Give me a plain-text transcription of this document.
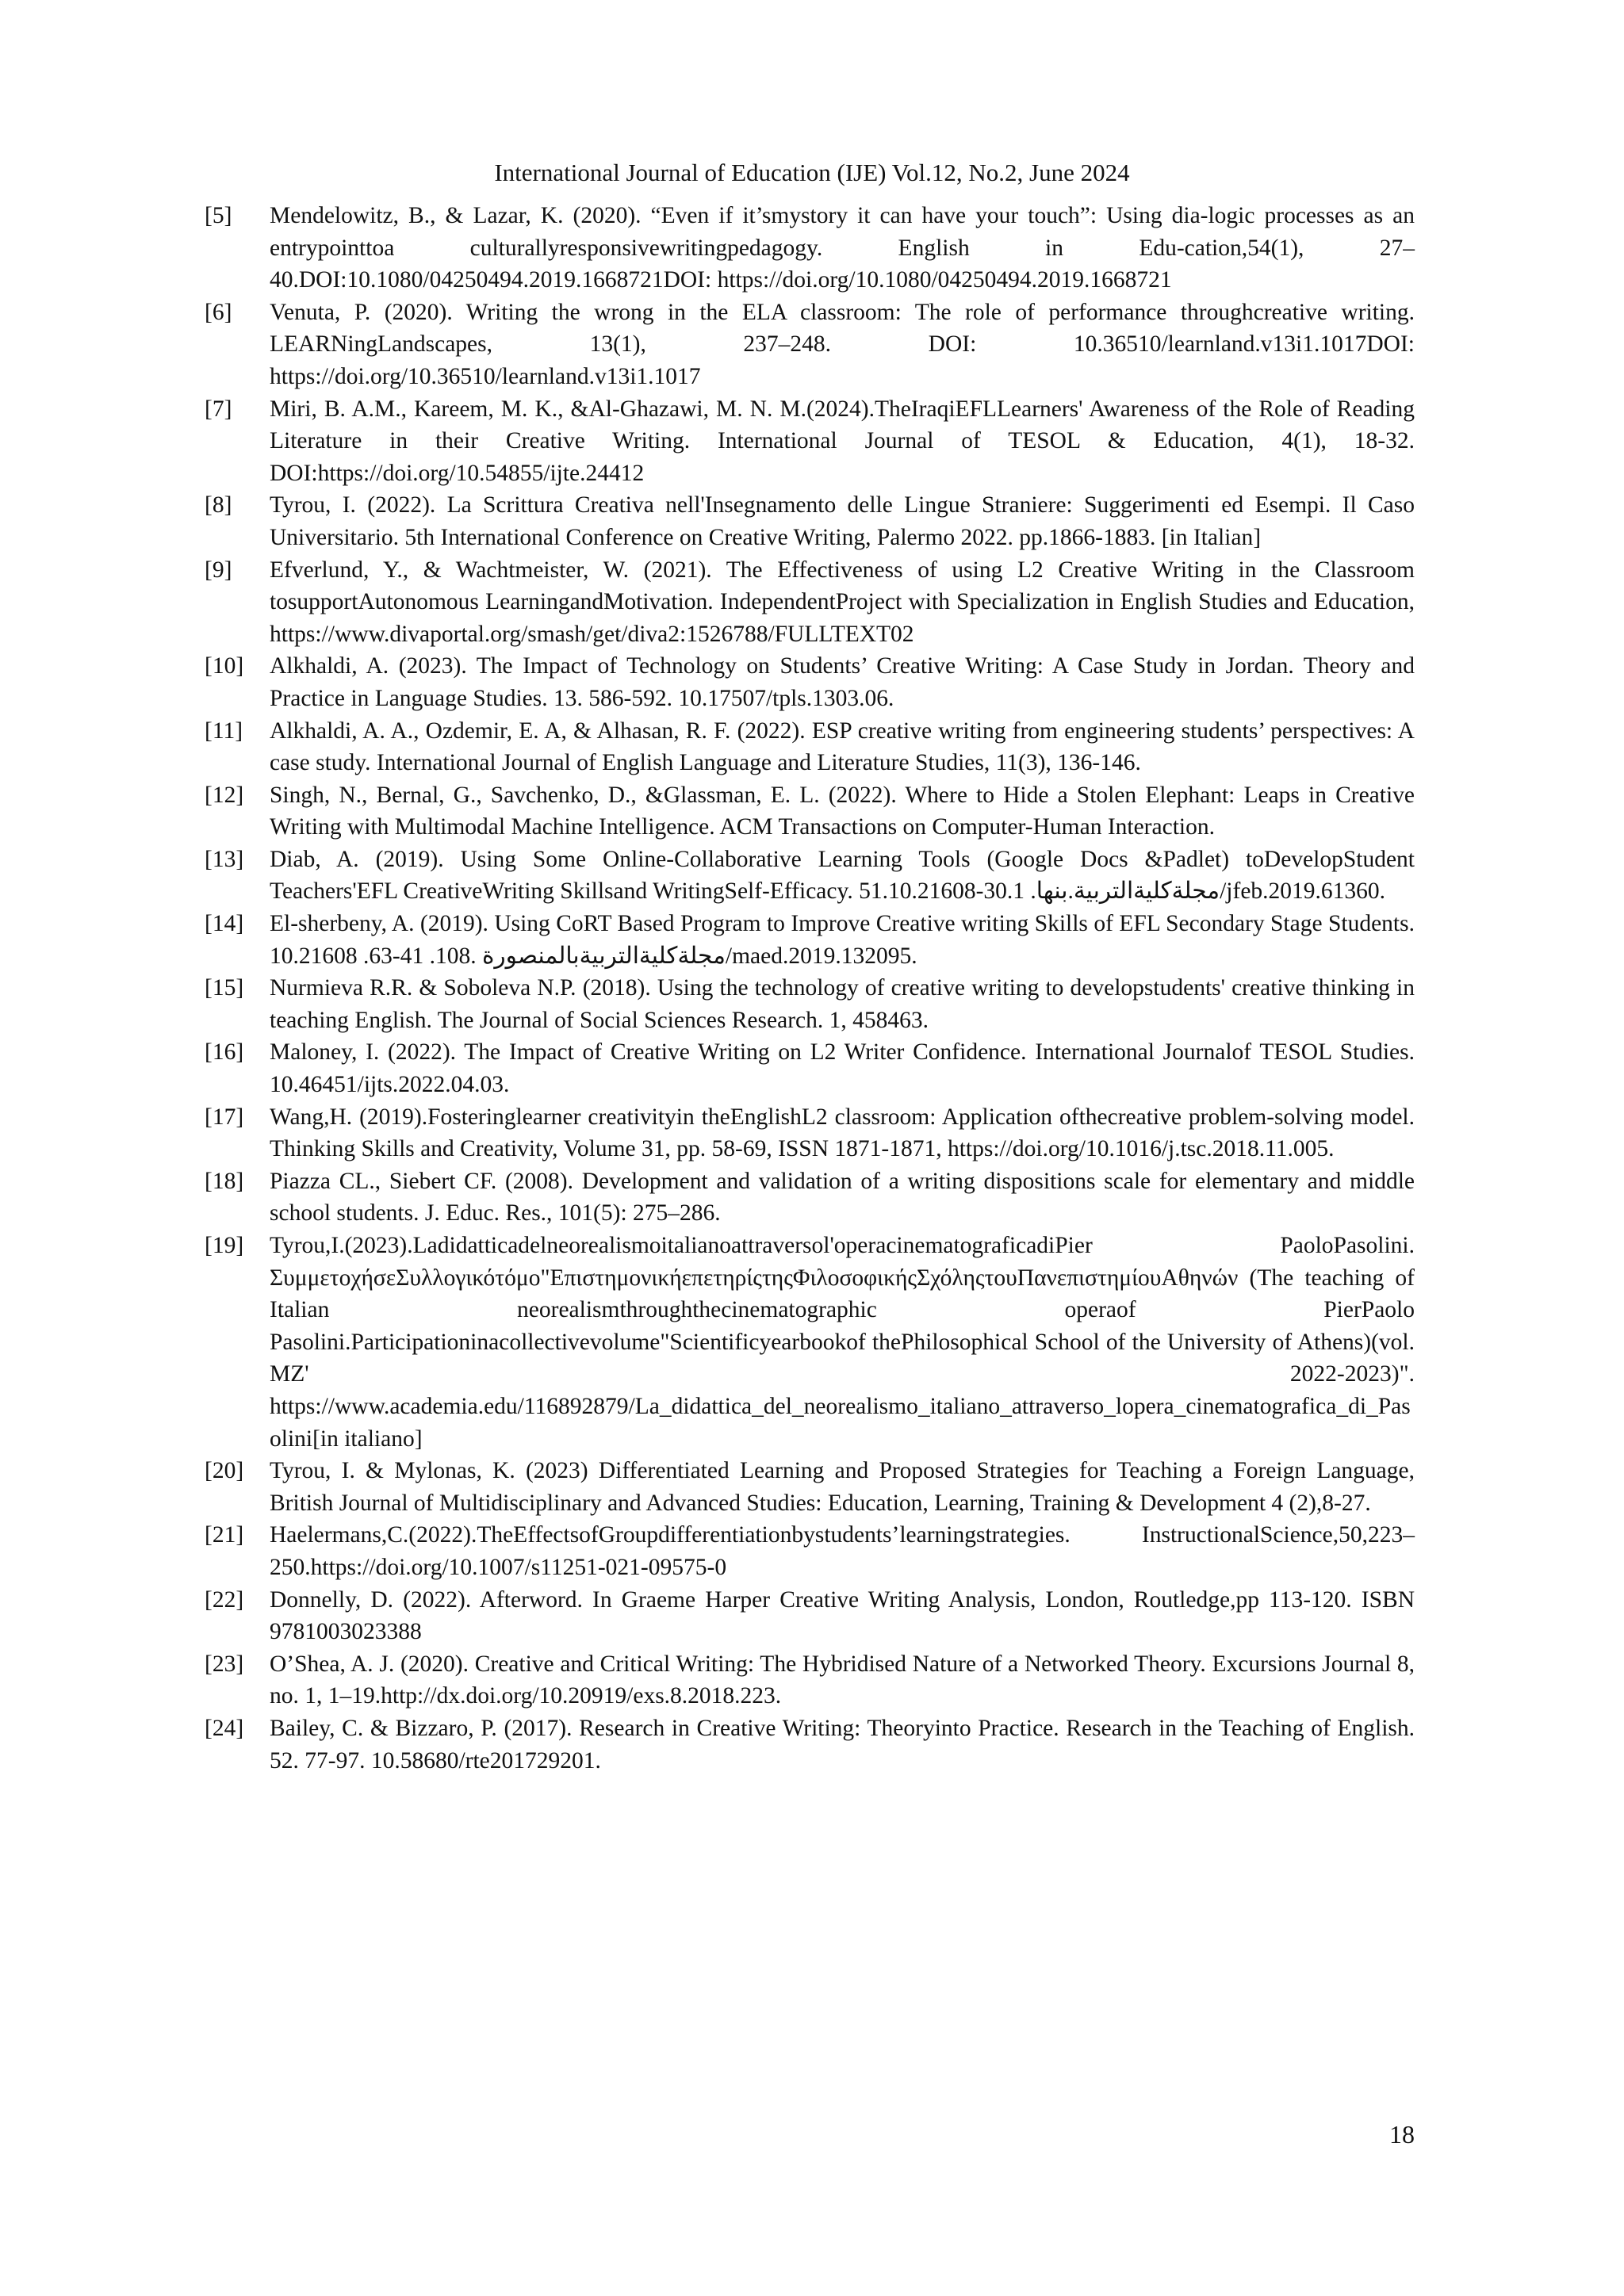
International Journal of Education (IJE) Vol.12, No.2, June 2024
[5] Mendelowitz, B., & Lazar, K. (2020). “Even if it’smystory it can have your touch”: Using dia-logic processes as an entrypointtoa culturallyresponsivewritingpedagogy. English in Edu-cation,54(1), 27–40.DOI:10.1080/04250494.2019.1668721DOI: https://doi.org/10.1080/04250494.2019.1668721
[6] Venuta, P. (2020). Writing the wrong in the ELA classroom: The role of performance throughcreative writing. LEARNingLandscapes, 13(1), 237–248. DOI: 10.36510/learnland.v13i1.1017DOI: https://doi.org/10.36510/learnland.v13i1.1017
[7] Miri, B. A.M., Kareem, M. K., &Al-Ghazawi, M. N. M.(2024).TheIraqiEFLLearners' Awareness of the Role of Reading Literature in their Creative Writing. International Journal of TESOL & Education, 4(1), 18-32. DOI:https://doi.org/10.54855/ijte.24412
[8] Tyrou, I. (2022). La Scrittura Creativa nell'Insegnamento delle Lingue Straniere: Suggerimenti ed Esempi. Il Caso Universitario. 5th International Conference on Creative Writing, Palermo 2022. pp.1866-1883. [in Italian]
[9] Efverlund, Y., & Wachtmeister, W. (2021). The Effectiveness of using L2 Creative Writing in the Classroom tosupportAutonomous LearningandMotivation. IndependentProject with Specialization in English Studies and Education, https://www.divaportal.org/smash/get/diva2:1526788/FULLTEXT02
[10] Alkhaldi, A. (2023). The Impact of Technology on Students’ Creative Writing: A Case Study in Jordan. Theory and Practice in Language Studies. 13. 586-592. 10.17507/tpls.1303.06.
[11] Alkhaldi, A. A., Ozdemir, E. A, & Alhasan, R. F. (2022). ESP creative writing from engineering students’ perspectives: A case study. International Journal of English Language and Literature Studies, 11(3), 136-146.
[12] Singh, N., Bernal, G., Savchenko, D., &Glassman, E. L. (2022). Where to Hide a Stolen Elephant: Leaps in Creative Writing with Multimodal Machine Intelligence. ACM Transactions on Computer-Human Interaction.
[13] Diab, A. (2019). Using Some Online-Collaborative Learning Tools (Google Docs &Padlet) toDevelopStudent Teachers'EFL CreativeWriting Skillsand WritingSelf-Efficacy. مجلةكليةالتربية.بنها. 30.1-51.10.21608/jfeb.2019.61360.
[14] El-sherbeny, A. (2019). Using CoRT Based Program to Improve Creative writing Skills of EFL Secondary Stage Students. 10.21608 .63-41 .108. مجلةكليةالتربيةبالمنصورة/maed.2019.132095.
[15] Nurmieva R.R. & Soboleva N.P. (2018). Using the technology of creative writing to developstudents' creative thinking in teaching English. The Journal of Social Sciences Research. 1, 458463.
[16] Maloney, I. (2022). The Impact of Creative Writing on L2 Writer Confidence. International Journalof TESOL Studies. 10.46451/ijts.2022.04.03.
[17] Wang,H. (2019).Fosteringlearner creativityin theEnglishL2 classroom: Application ofthecreative problem-solving model. Thinking Skills and Creativity, Volume 31, pp. 58-69, ISSN 1871-1871, https://doi.org/10.1016/j.tsc.2018.11.005.
[18] Piazza CL., Siebert CF. (2008). Development and validation of a writing dispositions scale for elementary and middle school students. J. Educ. Res., 101(5): 275–286.
[19] Tyrou,I.(2023).Ladidatticadelneorealismoitalianoattraversol'operacinematograficadiPier PaoloPasolini. ΣυμμετοχήσεΣυλλογικότόμο"ΕπιστημονικήεπετηρίςτηςΦιλοσοφικήςΣχόληςτουΠανεπιστημίουΑθηνών (The teaching of Italian neorealismthroughthecinematographic operaof PierPaolo Pasolini.Participationinacollectivevolume"Scientificyearbookof thePhilosophical School of the University of Athens)(vol. MZ' 2022-2023)". https://www.academia.edu/116892879/La_didattica_del_neorealismo_italiano_attraverso_lopera_cinematografica_di_Pasolini[in italiano]
[20] Tyrou, I. & Mylonas, K. (2023) Differentiated Learning and Proposed Strategies for Teaching a Foreign Language, British Journal of Multidisciplinary and Advanced Studies: Education, Learning, Training & Development 4 (2),8-27.
[21] Haelermans,C.(2022).TheEffectsofGroupdifferentiationbystudents’learningstrategies. InstructionalScience,50,223–250.https://doi.org/10.1007/s11251-021-09575-0
[22] Donnelly, D. (2022). Afterword. In Graeme Harper Creative Writing Analysis, London, Routledge,pp 113-120. ISBN 9781003023388
[23] O’Shea, A. J. (2020). Creative and Critical Writing: The Hybridised Nature of a Networked Theory. Excursions Journal 8, no. 1, 1–19.http://dx.doi.org/10.20919/exs.8.2018.223.
[24] Bailey, C. & Bizzaro, P. (2017). Research in Creative Writing: Theoryinto Practice. Research in the Teaching of English. 52. 77-97. 10.58680/rte201729201.
18
